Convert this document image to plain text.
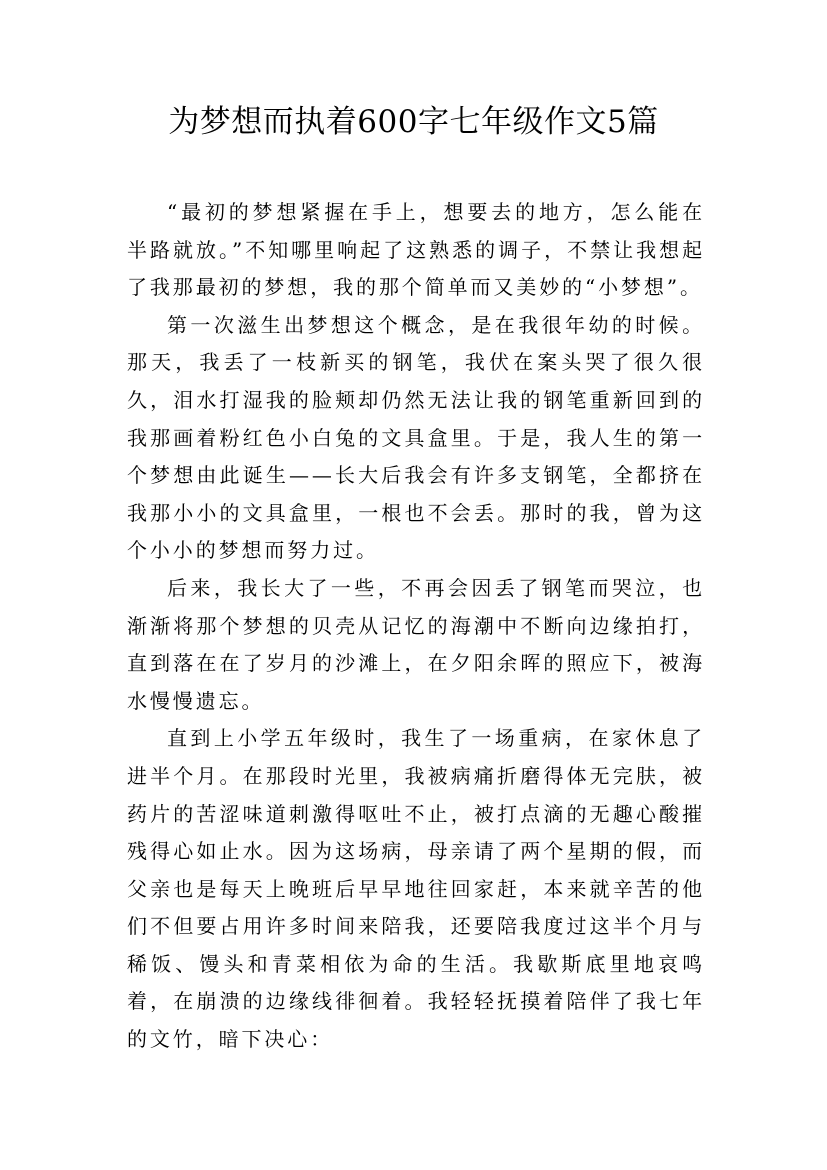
为梦想而执着600字七年级作文5篇

“最初的梦想紧握在手上，想要去的地方，怎么能在半路就放。”不知哪里响起了这熟悉的调子，不禁让我想起了我那最初的梦想，我的那个简单而又美妙的“小梦想”。

第一次滋生出梦想这个概念，是在我很年幼的时候。那天，我丢了一枝新买的钢笔，我伏在案头哭了很久很久，泪水打湿我的脸颊却仍然无法让我的钢笔重新回到的我那画着粉红色小白兔的文具盒里。于是，我人生的第一个梦想由此诞生——长大后我会有许多支钢笔，全都挤在我那小小的文具盒里，一根也不会丢。那时的我，曾为这个小小的梦想而努力过。

后来，我长大了一些，不再会因丢了钢笔而哭泣，也渐渐将那个梦想的贝壳从记忆的海潮中不断向边缘拍打，直到落在在了岁月的沙滩上，在夕阳余晖的照应下，被海水慢慢遗忘。

直到上小学五年级时，我生了一场重病，在家休息了进半个月。在那段时光里，我被病痛折磨得体无完肤，被药片的苦涩味道刺激得呕吐不止，被打点滴的无趣心酸摧残得心如止水。因为这场病，母亲请了两个星期的假，而父亲也是每天上晚班后早早地往回家赶，本来就辛苦的他们不但要占用许多时间来陪我，还要陪我度过这半个月与稀饭、馒头和青菜相依为命的生活。我歇斯底里地哀鸣着，在崩溃的边缘线徘徊着。我轻轻抚摸着陪伴了我七年的文竹，暗下决心：
